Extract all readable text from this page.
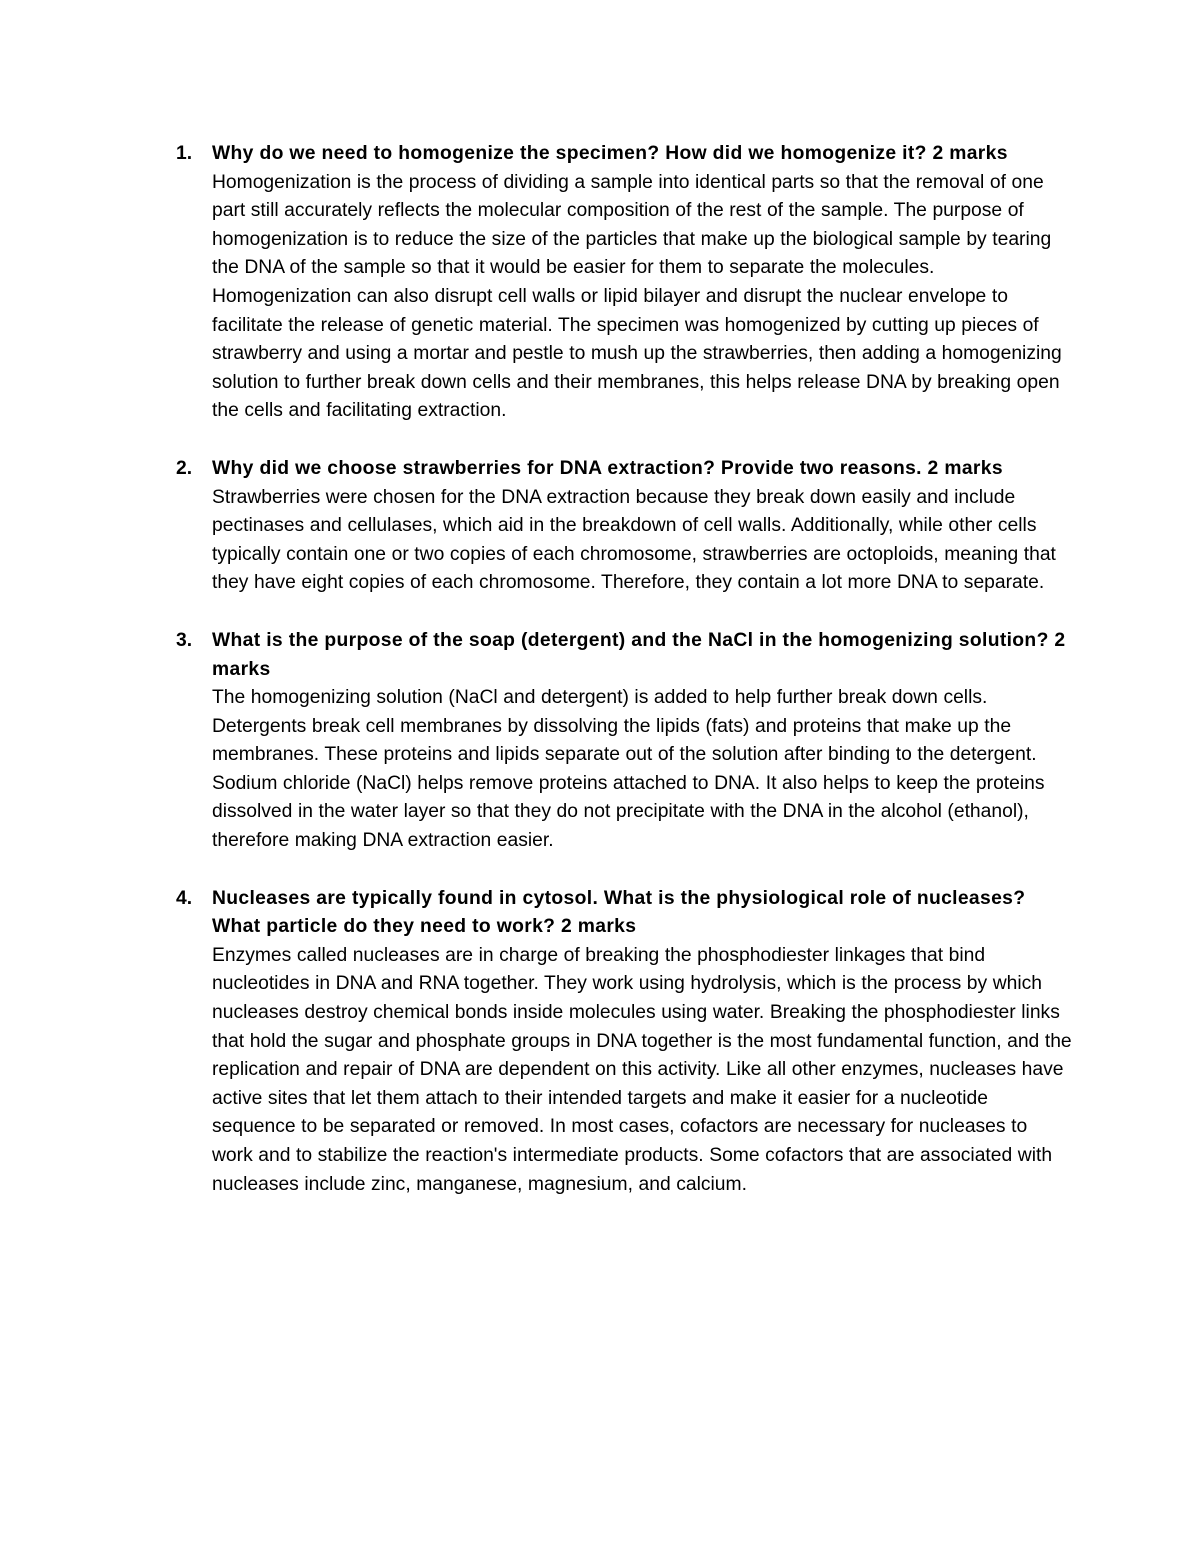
1. Why do we need to homogenize the specimen? How did we homogenize it? 2 marks
Homogenization is the process of dividing a sample into identical parts so that the removal of one part still accurately reflects the molecular composition of the rest of the sample. The purpose of homogenization is to reduce the size of the particles that make up the biological sample by tearing the DNA of the sample so that it would be easier for them to separate the molecules. Homogenization can also disrupt cell walls or lipid bilayer and disrupt the nuclear envelope to facilitate the release of genetic material. The specimen was homogenized by cutting up pieces of strawberry and using a mortar and pestle to mush up the strawberries, then adding a homogenizing solution to further break down cells and their membranes, this helps release DNA by breaking open the cells and facilitating extraction.
2. Why did we choose strawberries for DNA extraction? Provide two reasons. 2 marks
Strawberries were chosen for the DNA extraction because they break down easily and include pectinases and cellulases, which aid in the breakdown of cell walls. Additionally, while other cells typically contain one or two copies of each chromosome, strawberries are octoploids, meaning that they have eight copies of each chromosome. Therefore, they contain a lot more DNA to separate.
3. What is the purpose of the soap (detergent) and the NaCl in the homogenizing solution? 2 marks
The homogenizing solution (NaCl and detergent) is added to help further break down cells. Detergents break cell membranes by dissolving the lipids (fats) and proteins that make up the membranes. These proteins and lipids separate out of the solution after binding to the detergent. Sodium chloride (NaCl) helps remove proteins attached to DNA. It also helps to keep the proteins dissolved in the water layer so that they do not precipitate with the DNA in the alcohol (ethanol), therefore making DNA extraction easier.
4. Nucleases are typically found in cytosol. What is the physiological role of nucleases? What particle do they need to work? 2 marks
Enzymes called nucleases are in charge of breaking the phosphodiester linkages that bind nucleotides in DNA and RNA together. They work using hydrolysis, which is the process by which nucleases destroy chemical bonds inside molecules using water. Breaking the phosphodiester links that hold the sugar and phosphate groups in DNA together is the most fundamental function, and the replication and repair of DNA are dependent on this activity. Like all other enzymes, nucleases have active sites that let them attach to their intended targets and make it easier for a nucleotide sequence to be separated or removed. In most cases, cofactors are necessary for nucleases to work and to stabilize the reaction's intermediate products. Some cofactors that are associated with nucleases include zinc, manganese, magnesium, and calcium.
